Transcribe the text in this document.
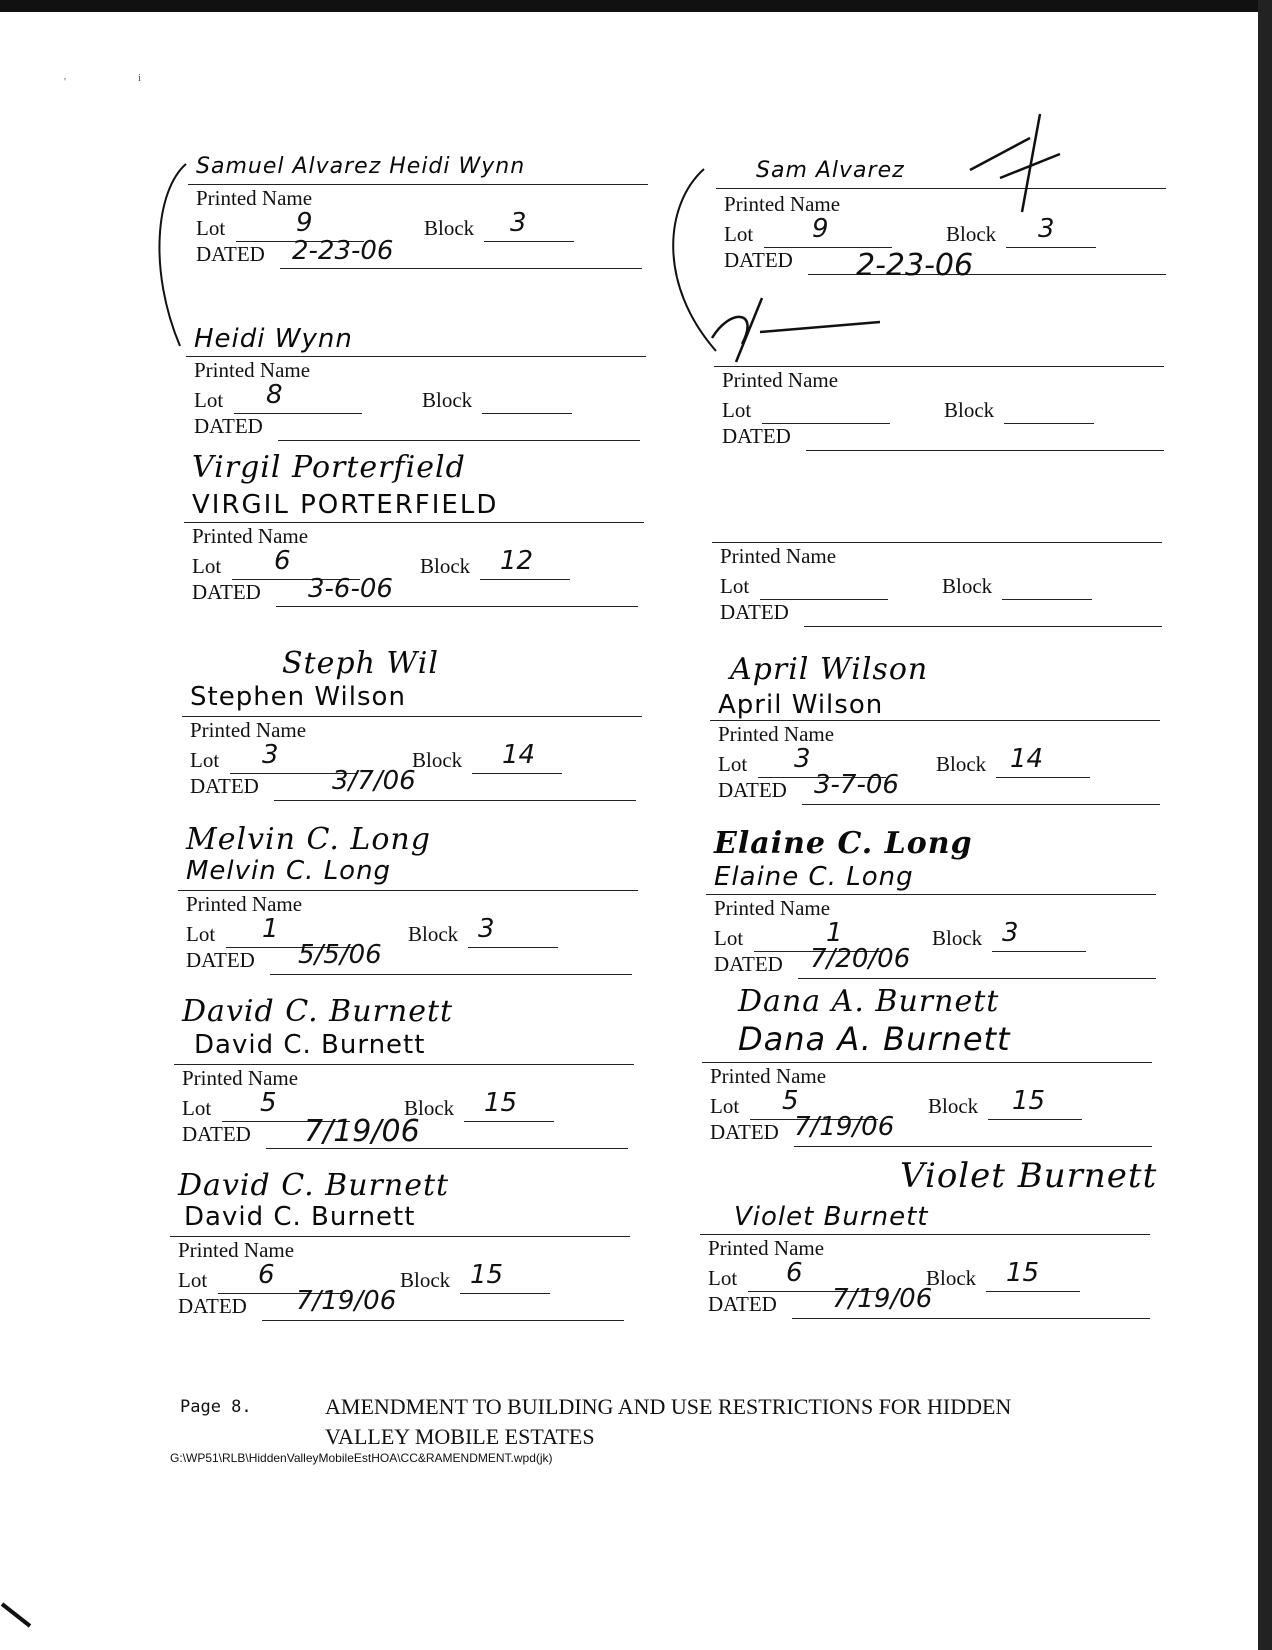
'	i
Samuel Alvarez Heidi Wynn
Printed Name
Lot	9	Block 3
DATED 2-23-06
Heidi Wynn
Printed Name
Lot 8	Block
DATED
Virgil Porterfield
VIRGIL PORTERFIELD
Printed Name
Lot 6	Block 12
DATED 3-6-06
Steph Wil
Stephen Wilson
Printed Name
Lot 3	Block 14
DATED	3/7/06
Melvin C. Long
Melvin C. Long
Printed Name
Lot 1	Block 3
DATED 5/5/06
David C. Burnett
David C. Burnett
Printed Name
Lot 5	Block 15
DATED 7/19/06
David C. Burnett
David C. Burnett
Printed Name
Lot 6	Block 15
DATED 7/19/06
Sam Alvarez
Printed Name
Lot 9	Block 3
DATED 2-23-06
Printed Name
Lot	Block
DATED
Printed Name
Lot	Block
DATED
April Wilson
April Wilson
Printed Name
Lot 3	Block 14
DATED 3-7-06
Elaine C. Long
Elaine C. Long
Printed Name
Lot	1	Block 3
DATED 7/20/06
Dana A. Burnett
Dana A. Burnett
Printed Name
Lot 5	Block 15
DATED 7/19/06
Violet Burnett
Violet Burnett
Printed Name
Lot 6	Block 15
DATED 7/19/06
Page 8.	AMENDMENT TO BUILDING AND USE RESTRICTIONS FOR HIDDEN
VALLEY MOBILE ESTATES
G:\WP51\RLB\HiddenValleyMobileEstHOA\CC&RAMENDMENT.wpd(jk)
